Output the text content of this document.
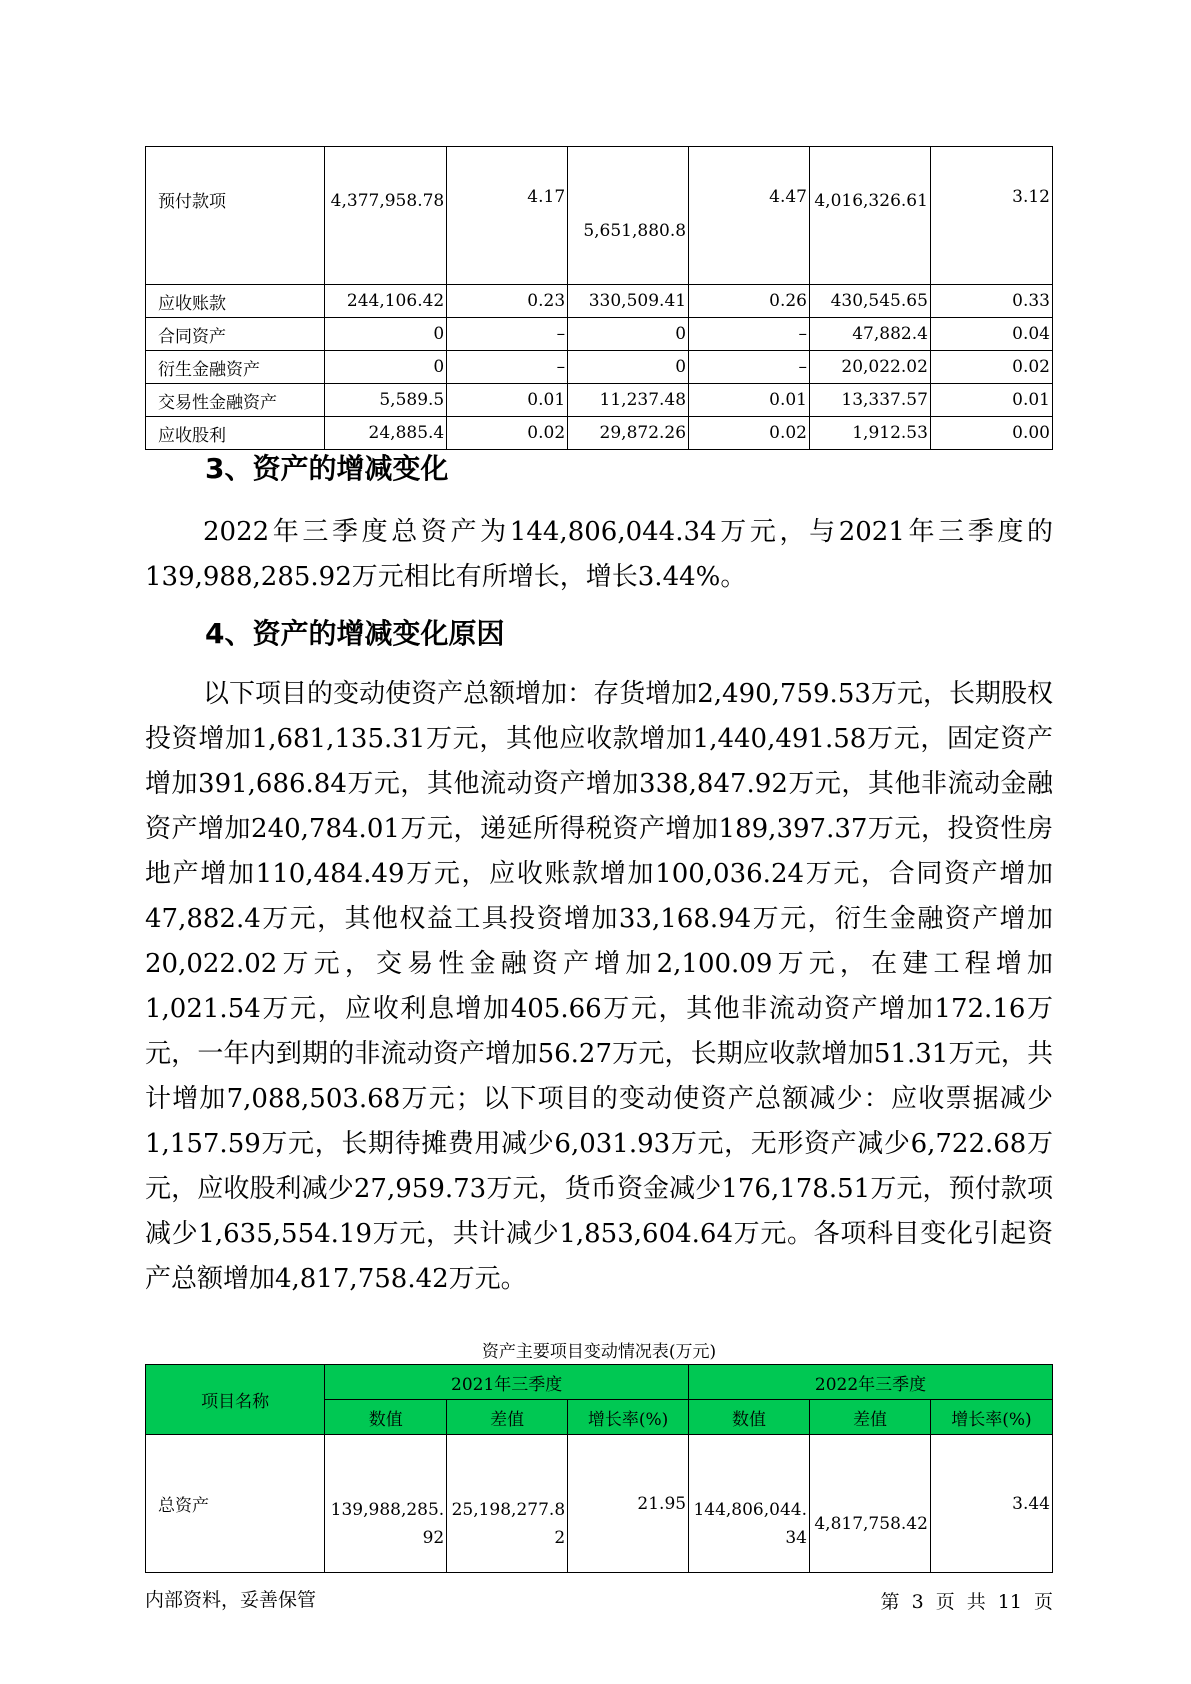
预付款项	4,377,958.78	4.17	5,651,880.8	4.47	4,016,326.61	3.12
应收账款	244,106.42	0.23	330,509.41	0.26	430,545.65	0.33
合同资产	0	–	0	–	47,882.4	0.04
衍生金融资产	0	–	0	–	20,022.02	0.02
交易性金融资产	5,589.5	0.01	11,237.48	0.01	13,337.57	0.01
应收股利	24,885.4	0.02	29,872.26	0.02	1,912.53	0.00
3、资产的增减变化

2022年三季度总资产为144,806,044.34万元，与2021年三季度的139,988,285.92万元相比有所增长，增长3.44%。

4、资产的增减变化原因

以下项目的变动使资产总额增加：存货增加2,490,759.53万元，长期股权投资增加1,681,135.31万元，其他应收款增加1,440,491.58万元，固定资产增加391,686.84万元，其他流动资产增加338,847.92万元，其他非流动金融资产增加240,784.01万元，递延所得税资产增加189,397.37万元，投资性房地产增加110,484.49万元，应收账款增加100,036.24万元，合同资产增加47,882.4万元，其他权益工具投资增加33,168.94万元，衍生金融资产增加20,022.02万元，交易性金融资产增加2,100.09万元，在建工程增加1,021.54万元，应收利息增加405.66万元，其他非流动资产增加172.16万元，一年内到期的非流动资产增加56.27万元，长期应收款增加51.31万元，共计增加7,088,503.68万元；以下项目的变动使资产总额减少：应收票据减少1,157.59万元，长期待摊费用减少6,031.93万元，无形资产减少6,722.68万元，应收股利减少27,959.73万元，货币资金减少176,178.51万元，预付款项减少1,635,554.19万元，共计减少1,853,604.64万元。各项科目变化引起资产总额增加4,817,758.42万元。

资产主要项目变动情况表(万元)

项目名称	2021年三季度			2022年三季度		
	数值	差值	增长率(%)	数值	差值	增长率(%)
总资产	139,988,285.92	25,198,277.82	21.95	144,806,044.34	4,817,758.42	3.44

内部资料，妥善保管	第 3 页 共 11 页
